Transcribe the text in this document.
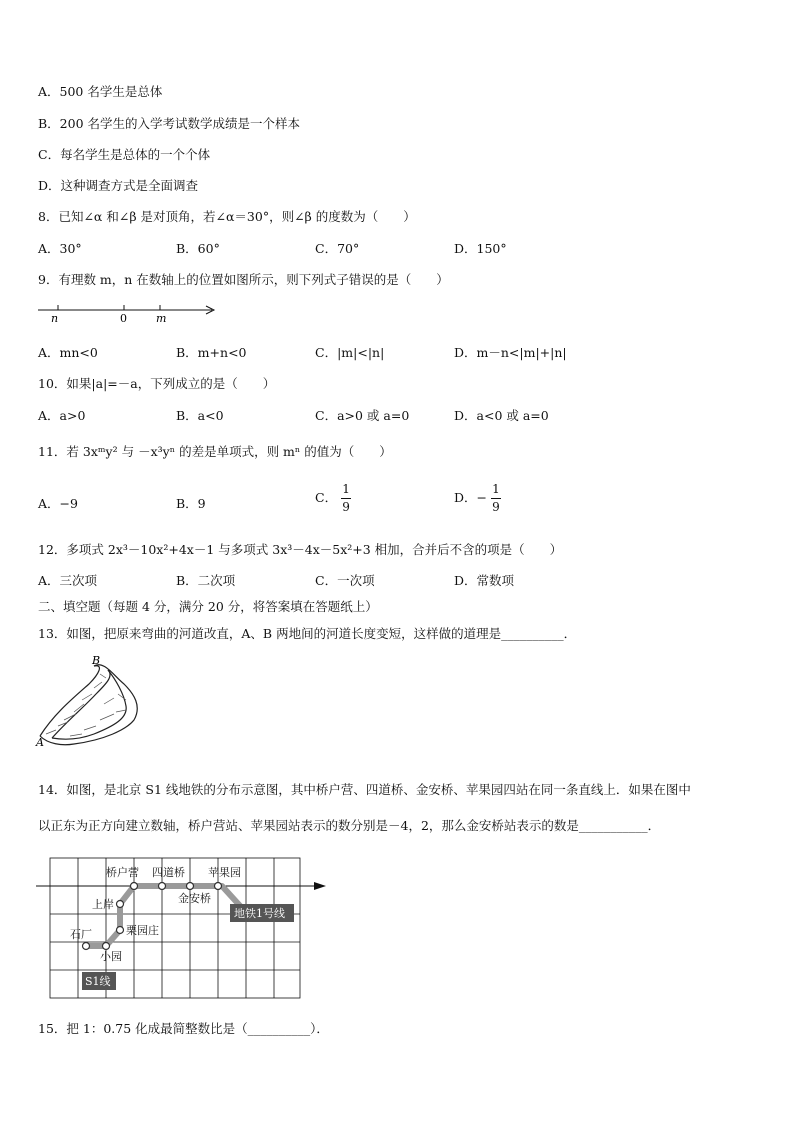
A．500 名学生是总体
B．200 名学生的入学考试数学成绩是一个样本
C．每名学生是总体的一个个体
D．这种调查方式是全面调查
8．已知∠α 和∠β 是对顶角，若∠α＝30°，则∠β 的度数为（　　）
A．30°	B．60°	C．70°	D．150°
9．有理数 m，n 在数轴上的位置如图所示，则下列式子错误的是（　　）
n	0	m
A．mn<0	B．m+n<0	C．|m|<|n|	D．m－n<|m|+|n|
10．如果|a|=－a，下列成立的是（　　）
A．a>0	B．a<0	C．a>0 或 a=0	D．a<0 或 a=0
11．若 3xᵐy² 与 －x³yⁿ 的差是单项式，则 mⁿ 的值为（　　）
A．−9	B．9	C． $\frac{1}{9}$	D．− $\frac{1}{9}$
12．多项式 2x³－10x²+4x－1 与多项式 3x³－4x－5x²+3 相加，合并后不含的项是（　　）
A．三次项	B．二次项	C．一次项	D．常数项
二、填空题（每题 4 分，满分 20 分，将答案填在答题纸上）
13．如图，把原来弯曲的河道改直，A、B 两地间的河道长度变短，这样做的道理是__________．
B
A
14．如图，是北京 S1 线地铁的分布示意图，其中桥户营、四道桥、金安桥、苹果园四站在同一条直线上．如果在图中
以正东为正方向建立数轴，桥户营站、苹果园站表示的数分别是－4，2，那么金安桥站表示的数是___________．
桥户营 四道桥 苹果园
金安桥
上岸
栗园庄
石厂
小园
地铁1号线
S1线
15．把 1：0.75 化成最简整数比是（__________）．
